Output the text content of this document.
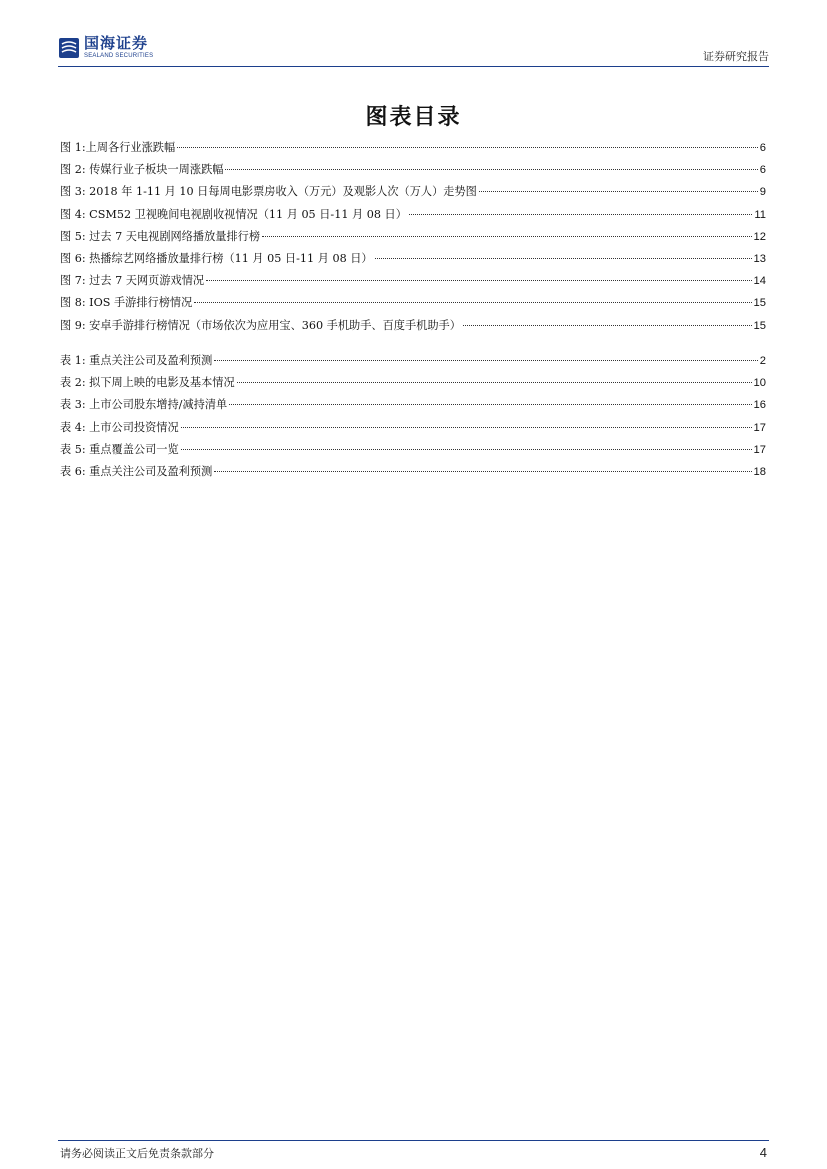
国海证券
SEALAND SECURITIES	证券研究报告
图表目录
图 1:上周各行业涨跌幅	6
图 2: 传媒行业子板块一周涨跌幅	6
图 3: 2018 年 1-11 月 10 日每周电影票房收入（万元）及观影人次（万人）走势图	9
图 4: CSM52 卫视晚间电视剧收视情况（11 月 05 日-11 月 08 日）	11
图 5: 过去 7 天电视剧网络播放量排行榜	12
图 6: 热播综艺网络播放量排行榜（11 月 05 日-11 月 08 日）	13
图 7: 过去 7 天网页游戏情况	14
图 8: IOS 手游排行榜情况	15
图 9: 安卓手游排行榜情况（市场依次为应用宝、360 手机助手、百度手机助手）	15
表 1: 重点关注公司及盈利预测	2
表 2: 拟下周上映的电影及基本情况	10
表 3: 上市公司股东增持/减持清单	16
表 4: 上市公司投资情况	17
表 5: 重点覆盖公司一览	17
表 6: 重点关注公司及盈利预测	18
请务必阅读正文后免责条款部分	4
